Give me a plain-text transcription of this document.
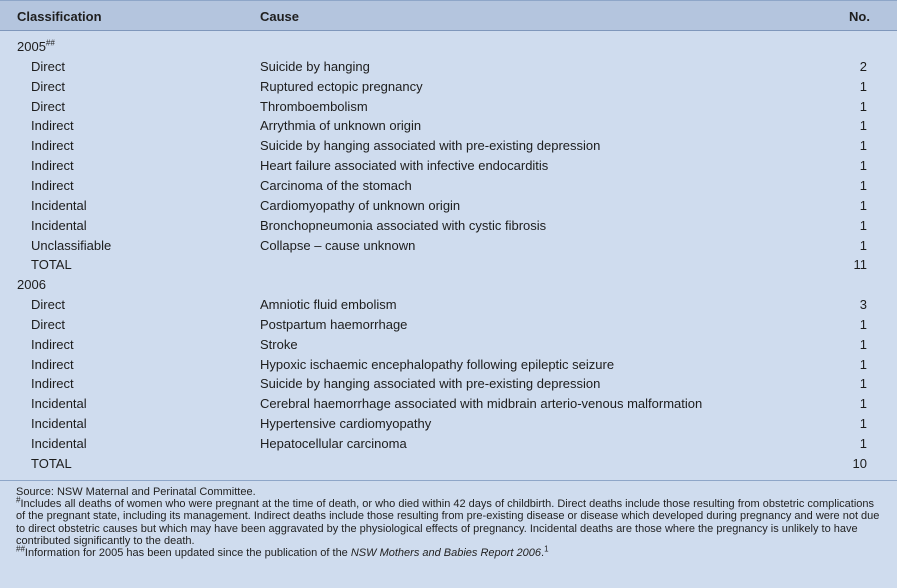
Classification	Cause	No.
2005##
Direct	Suicide by hanging	2
Direct	Ruptured ectopic pregnancy	1
Direct	Thromboembolism	1
Indirect	Arrythmia of unknown origin	1
Indirect	Suicide by hanging associated with pre-existing depression	1
Indirect	Heart failure associated with infective endocarditis	1
Indirect	Carcinoma of the stomach	1
Incidental	Cardiomyopathy of unknown origin	1
Incidental	Bronchopneumonia associated with cystic fibrosis	1
Unclassifiable	Collapse – cause unknown	1
TOTAL	11
2006
Direct	Amniotic fluid embolism	3
Direct	Postpartum haemorrhage	1
Indirect	Stroke	1
Indirect	Hypoxic ischaemic encephalopathy following epileptic seizure	1
Indirect	Suicide by hanging associated with pre-existing depression	1
Incidental	Cerebral haemorrhage associated with midbrain arterio-venous malformation	1
Incidental	Hypertensive cardiomyopathy	1
Incidental	Hepatocellular carcinoma	1
TOTAL	10

Source: NSW Maternal and Perinatal Committee.

#Includes all deaths of women who were pregnant at the time of death, or who died within 42 days of childbirth. Direct deaths include those resulting from obstetric complications of the pregnant state, including its management. Indirect deaths include those resulting from pre-existing disease or disease which developed during pregnancy and were not due to direct obstetric causes but which may have been aggravated by the physiological effects of pregnancy. Incidental deaths are those where the pregnancy is unlikely to have contributed significantly to the death.

##Information for 2005 has been updated since the publication of the NSW Mothers and Babies Report 2006.$^1$
